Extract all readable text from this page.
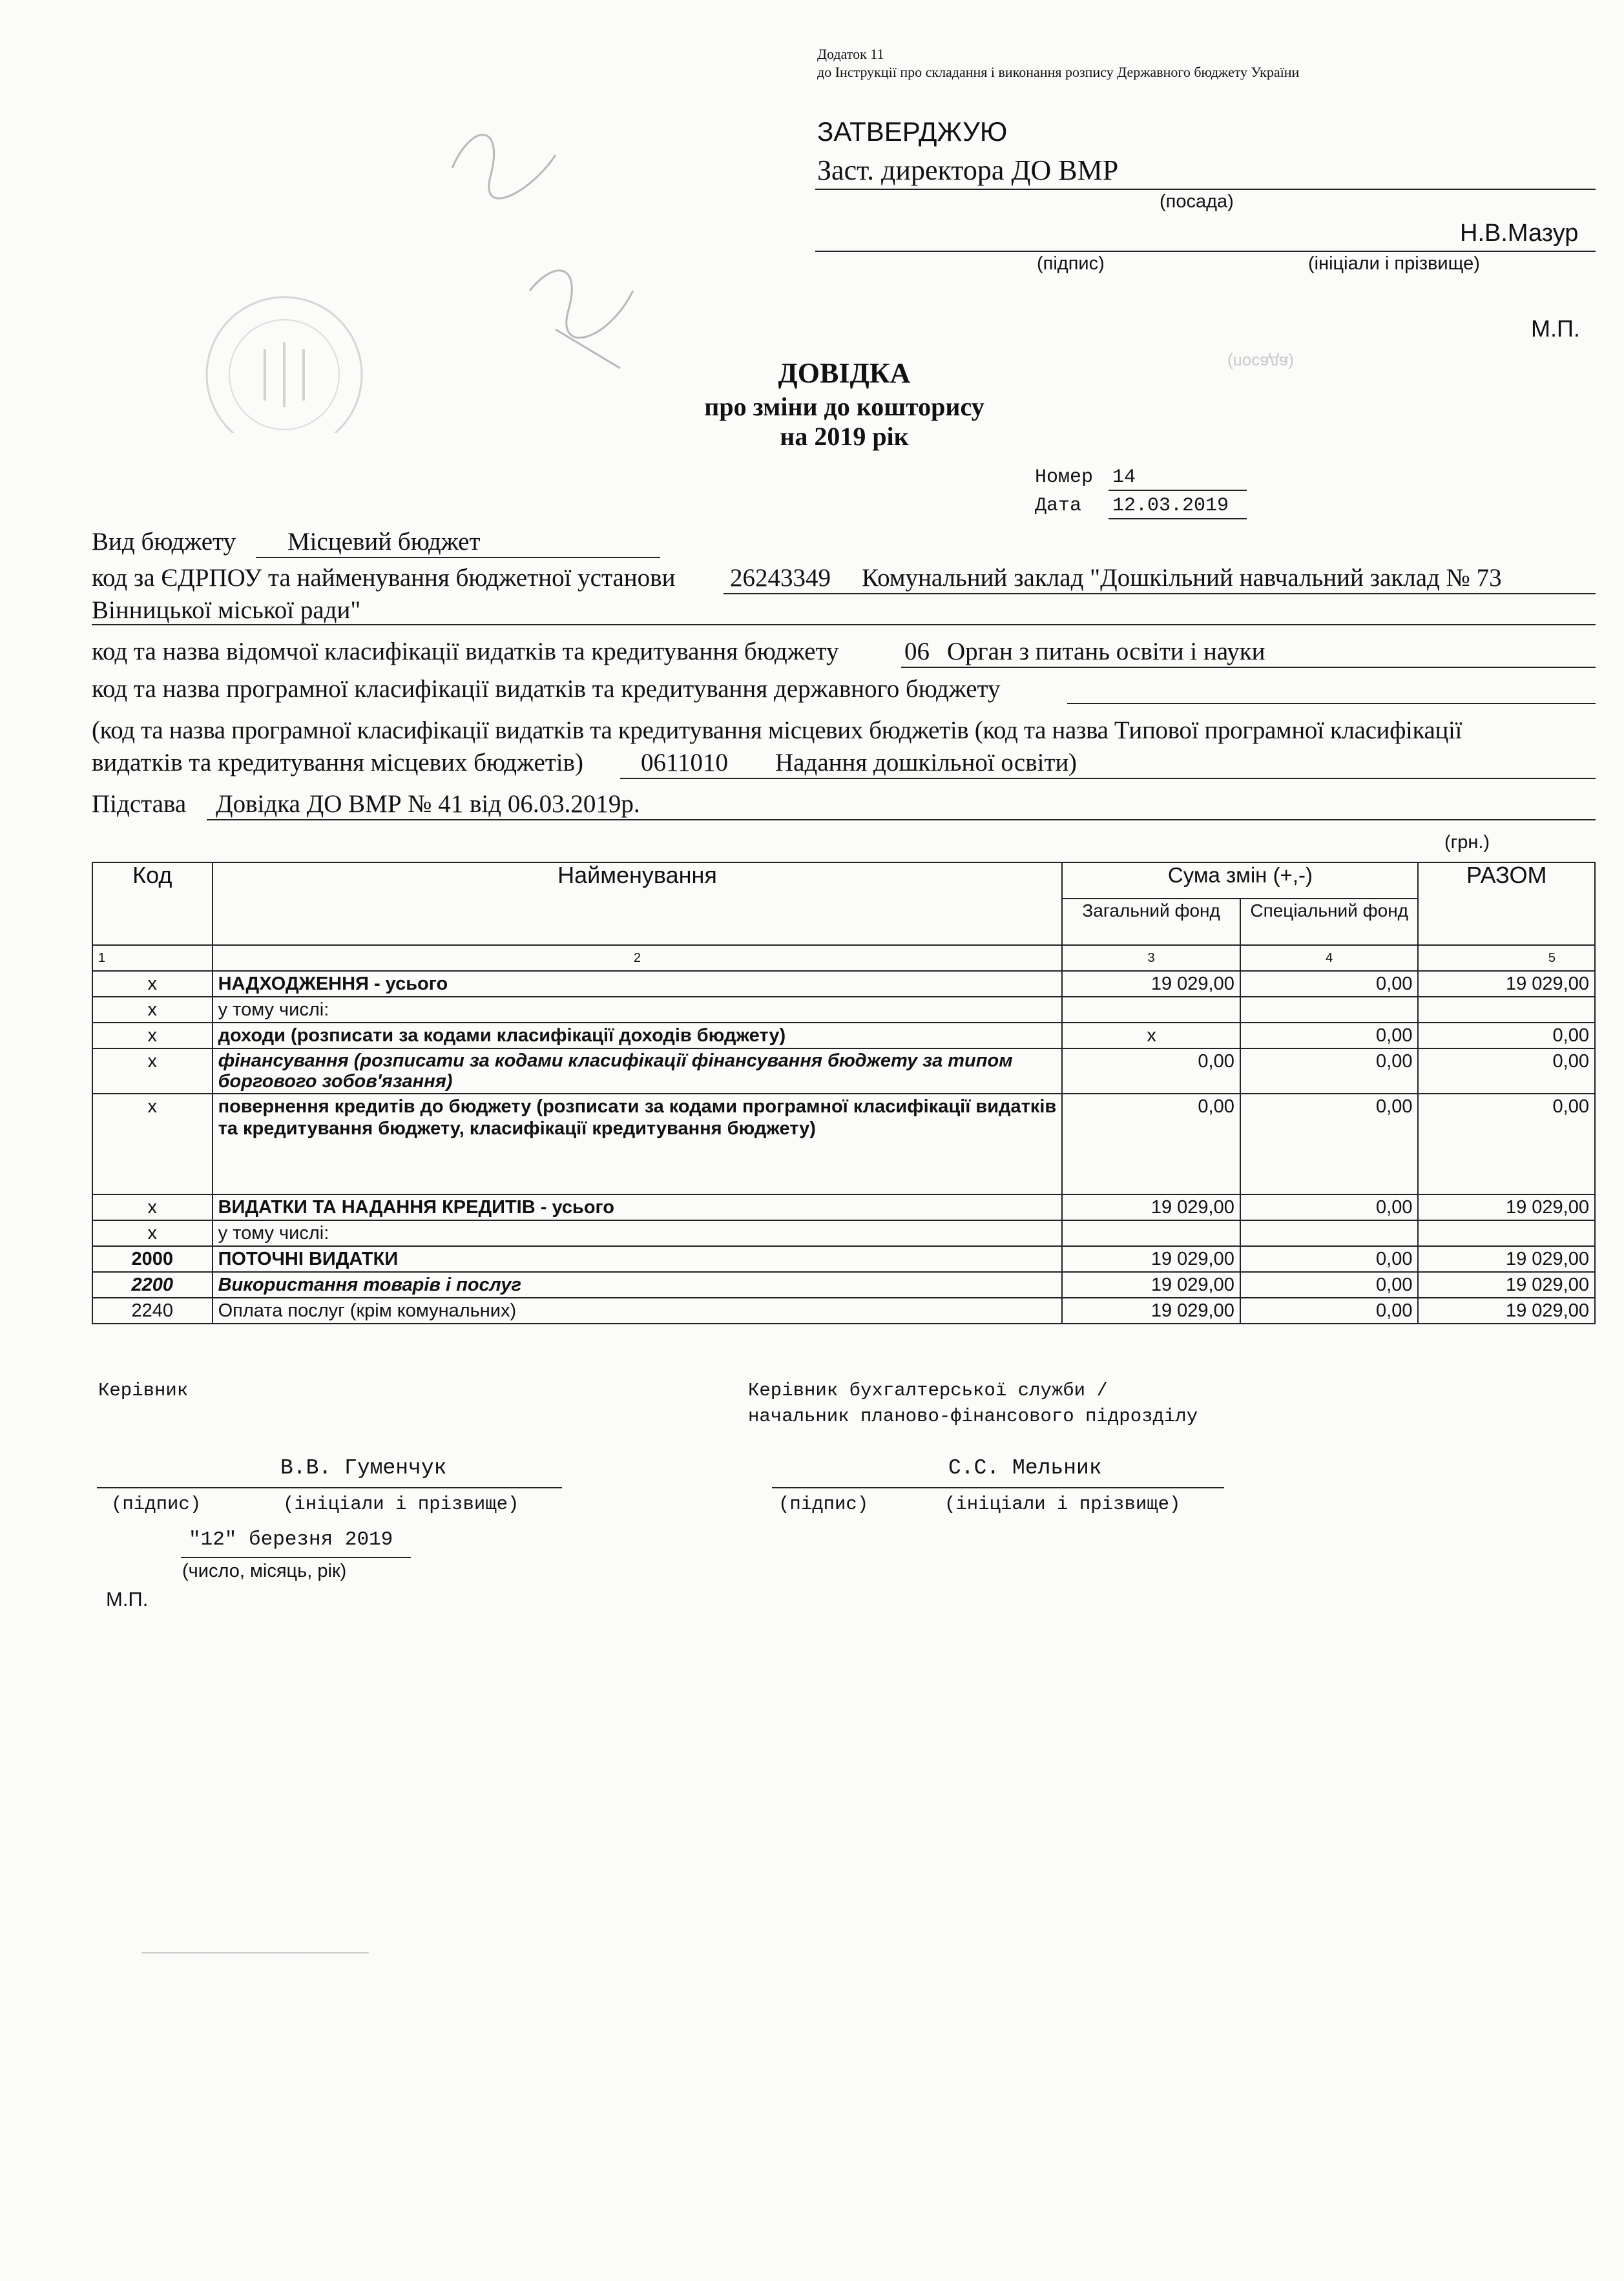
(посада)
_____________________
Додаток 11
до Інструкції про складання і виконання розпису Державного бюджету України
ЗАТВЕРДЖУЮ
Заст. директора ДО ВМР
(посада)
Н.В.Мазур
(підпис)	(ініціали і прізвище)
М.П.
ДОВІДКА
про зміни до кошторису
на 2019 рік
Номер 14
Дата 12.03.2019
Вид бюджету Місцевий бюджет
код за ЄДРПОУ та найменування бюджетної установи 26243349 Комунальний заклад "Дошкільний навчальний заклад № 73
Вінницької міської ради"
код та назва відомчої класифікації видатків та кредитування бюджету	06 Орган з питань освіти і науки
код та назва програмної класифікації видатків та кредитування державного бюджету
(код та назва програмної класифікації видатків та кредитування місцевих бюджетів (код та назва Типової програмної класифікації
видатків та кредитування місцевих бюджетів) 0611010 Надання дошкільної освіти )
Підстава Довідка ДО ВМР № 41 від 06.03.2019р.
(грн.)
Код	Найменування	Сума змін (+,-)		РАЗОМ
		Загальний фонд	Спеціальний фонд	
1	2	3	4	5
х	НАДХОДЖЕННЯ - усього	19 029,00	0,00	19 029,00
х	у тому числі:			
х	доходи (розписати за кодами класифікації доходів бюджету)	х	0,00	0,00
х	фінансування (розписати за кодами класифікації фінансування бюджету за типом боргового зобов'язання)	0,00	0,00	0,00
х	повернення кредитів до бюджету (розписати за кодами програмної класифікації видатків та кредитування бюджету, класифікації кредитування бюджету)	0,00	0,00	0,00
х	ВИДАТКИ ТА НАДАННЯ КРЕДИТІВ - усього	19 029,00	0,00	19 029,00
х	у тому числі:			
2000	ПОТОЧНІ ВИДАТКИ	19 029,00	0,00	19 029,00
2200	Використання товарів і послуг	19 029,00	0,00	19 029,00
2240	Оплата послуг (крім комунальних)	19 029,00	0,00	19 029,00
Керівник	Керівник бухгалтерської служби /
начальник планово-фінансового підрозділу
В.В. Гуменчук	С.С. Мельник
(підпис)	(ініціали і прізвище)	(підпис)	(ініціали і прізвище)
"12" березня 2019
(число, місяць, рік)
М.П.
